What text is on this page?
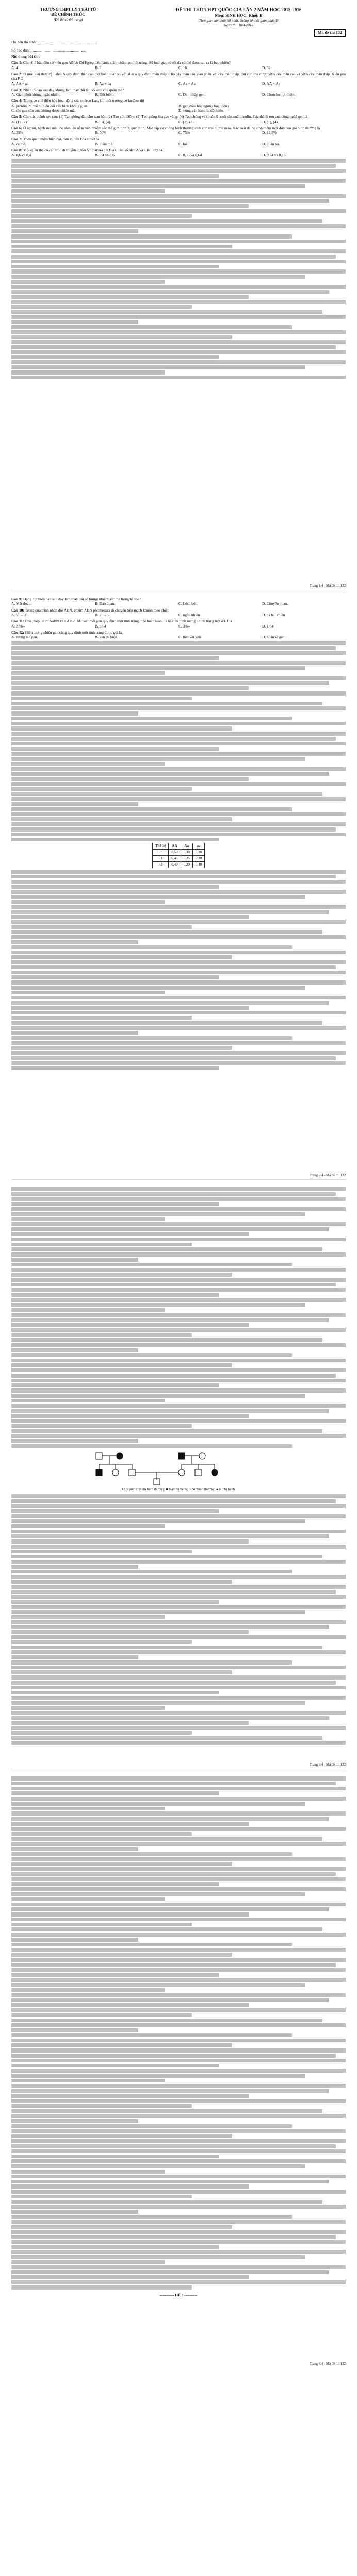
TRƯỜNG THPT LÝ THÁI TỔ
ĐỀ CHÍNH THỨC
(Đề thi có 04 trang)
ĐỀ THI THỬ THPT QUỐC GIA LẦN 2 NĂM HỌC 2015-2016
Môn: SINH HỌC; Khối: B
Thời gian làm bài: 90 phút, không kể thời gian phát đề
Ngày thi: 10/4/2016
Mã đề thi 132
Họ, tên thí sinh: ...............................................................
Số báo danh: ......................................................
Nội dung bài thi:
Câu 1: Cho 4 tế bào đều có kiểu gen AB/ab Dd Eg/eg tiến hành giảm phân tạo tinh trùng. Số loại giao tử tối đa có thể được tạo ra là bao nhiêu?
A. 4	B. 8	C. 16	D. 32
Câu 2: Ở một loài thực vật, alen A quy định thân cao trội hoàn toàn so với alen a quy định thân thấp. Cho cây thân cao giao phấn với cây thân thấp, đời con thu được 50% cây thân cao và 50% cây thân thấp. Kiểu gen của P là
A. AA × aa	B. Aa × aa	C. Aa × Aa	D. AA × Aa
Câu 3: Nhân tố nào sau đây không làm thay đổi tần số alen của quần thể?
A. Giao phối không ngẫu nhiên.	B. Đột biến.	C. Di – nhập gen.	D. Chọn lọc tự nhiên.
Câu 4: Trong cơ chế điều hòa hoạt động của opêron Lac, khi môi trường có lactôzơ thì
A. prôtêin ức chế bị biến đổi cấu hình không gian.	B. gen điều hòa ngừng hoạt động.
C. các gen cấu trúc không được phiên mã.	D. vùng vận hành bị đột biến.
Câu 5: Cho các thành tựu sau: (1) Tạo giống dâu tằm tam bội; (2) Tạo cừu Đôly; (3) Tạo giống lúa gạo vàng; (4) Tạo chủng vi khuẩn E. coli sản xuất insulin. Các thành tựu của công nghệ gen là
A. (1), (2).	B. (3), (4).	C. (2), (3).	D. (1), (4).
Câu 6: Ở người, bệnh mù màu do alen lặn nằm trên nhiễm sắc thể giới tính X quy định. Một cặp vợ chồng bình thường sinh con trai bị mù màu. Xác suất để họ sinh thêm một đứa con gái bình thường là
A. 25%	B. 50%	C. 75%	D. 12,5%
Câu 7: Theo quan niệm hiện đại, đơn vị tiến hóa cơ sở là
A. cá thể.	B. quần thể.	C. loài.	D. quần xã.
Câu 8: Một quần thể có cấu trúc di truyền 0,36AA : 0,48Aa : 0,16aa. Tần số alen A và a lần lượt là
A. 0,6 và 0,4	B. 0,4 và 0,6	C. 0,36 và 0,64	D. 0,84 và 0,16
Trang 1/4 - Mã đề thi 132
Câu 9: Dạng đột biến nào sau đây làm thay đổi số lượng nhiễm sắc thể trong tế bào?
A. Mất đoạn.	B. Đảo đoạn.	C. Lệch bội.	D. Chuyển đoạn.
Câu 10: Trong quá trình nhân đôi ADN, enzim ADN pôlimeraza di chuyển trên mạch khuôn theo chiều
A. 5' → 3'	B. 3' → 5'	C. ngẫu nhiên	D. cả hai chiều
Câu 11: Cho phép lai P: AaBbDd × AaBbDd. Biết mỗi gen quy định một tính trạng, trội hoàn toàn. Tỉ lệ kiểu hình mang 3 tính trạng trội ở F1 là
A. 27/64	B. 9/64	C. 3/64	D. 1/64
Câu 12: Hiện tượng nhiều gen cùng quy định một tính trạng được gọi là
A. tương tác gen.	B. gen đa hiệu.	C. liên kết gen.	D. hoán vị gen.
Thế hệ	AA	Aa	aa
P	0,50	0,30	0,20
F1	0,45	0,25	0,30
F2	0,40	0,20	0,40
Trang 2/4 - Mã đề thi 132
Quy ước: □ Nam bình thường; ■ Nam bị bệnh; ○ Nữ bình thường; ● Nữ bị bệnh
Trang 3/4 - Mã đề thi 132
----------- HẾT ----------
Trang 4/4 - Mã đề thi 132
